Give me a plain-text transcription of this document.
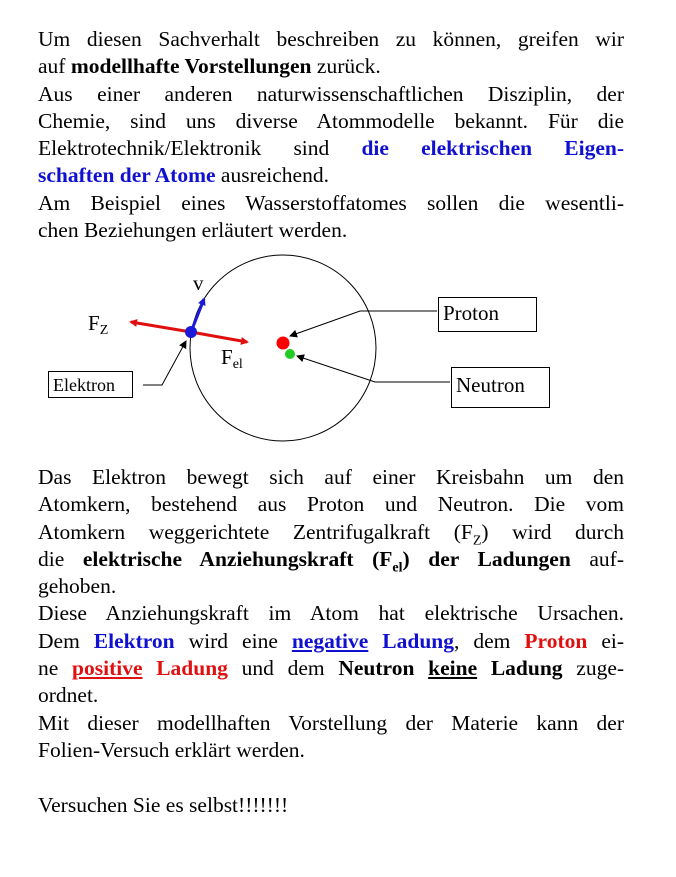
Um diesen Sachverhalt beschreiben zu können, greifen wir
auf modellhafte Vorstellungen zurück.
Aus einer anderen naturwissenschaftlichen Disziplin, der
Chemie, sind uns diverse Atommodelle bekannt. Für die
Elektrotechnik/Elektronik sind die elektrischen Eigen-
schaften der Atome ausreichend.
Am Beispiel eines Wasserstoffatomes sollen die wesentli-
chen Beziehungen erläutert werden.
v
FZ
Fel
Elektron
Proton
Neutron
Das Elektron bewegt sich auf einer Kreisbahn um den
Atomkern, bestehend aus Proton und Neutron. Die vom
Atomkern weggerichtete Zentrifugalkraft $(F_Z)$ wird durch
die elektrische Anziehungskraft $(F_{el})$ der Ladungen auf-
gehoben.
Diese Anziehungskraft im Atom hat elektrische Ursachen.
Dem Elektron wird eine negative Ladung, dem Proton ei-
ne positive Ladung und dem Neutron keine Ladung zuge-
ordnet.
Mit dieser modellhaften Vorstellung der Materie kann der
Folien-Versuch erklärt werden.
Versuchen Sie es selbst!!!!!!!
